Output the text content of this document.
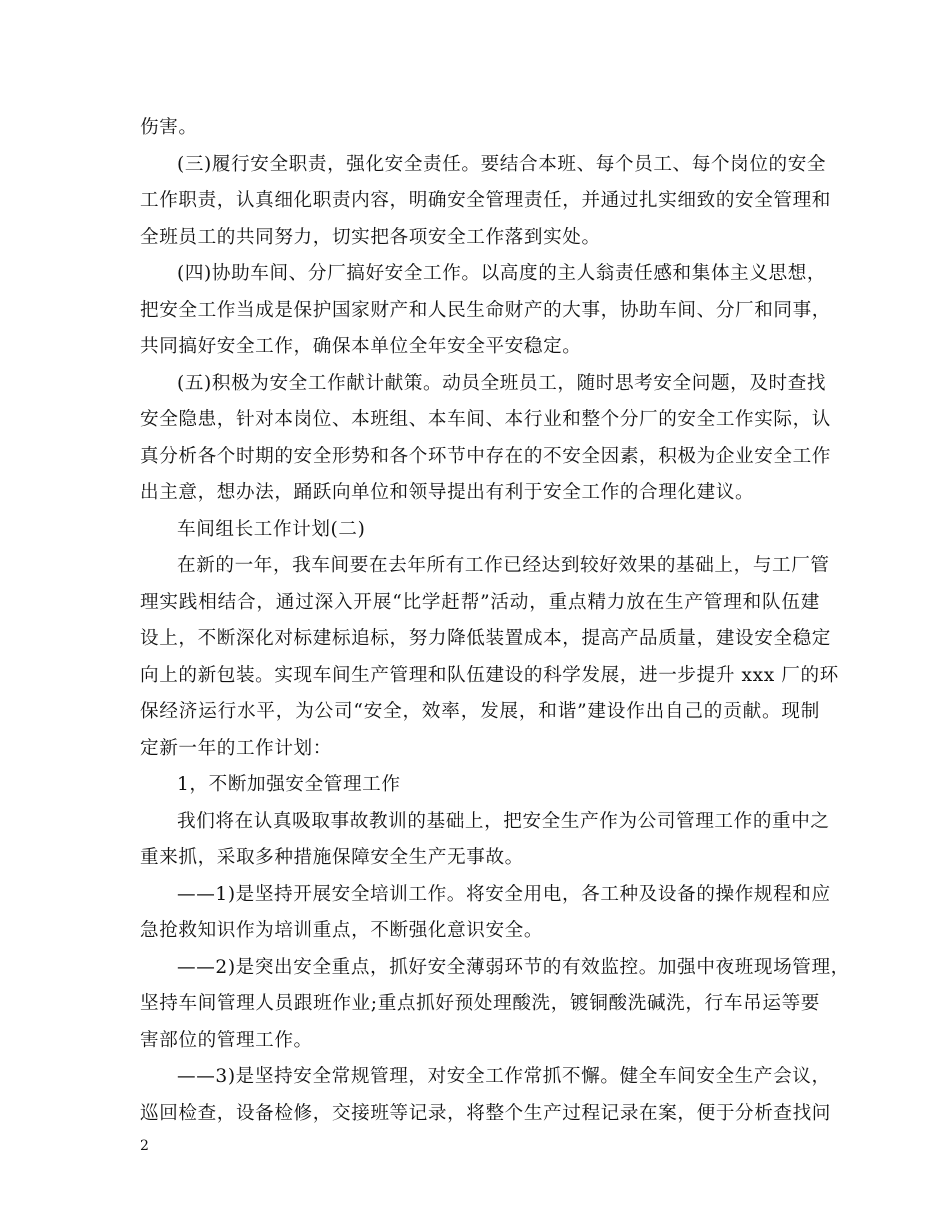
伤害。
(三)履行安全职责，强化安全责任。要结合本班、每个员工、每个岗位的安全
工作职责，认真细化职责内容，明确安全管理责任，并通过扎实细致的安全管理和
全班员工的共同努力，切实把各项安全工作落到实处。
(四)协助车间、分厂搞好安全工作。以高度的主人翁责任感和集体主义思想，
把安全工作当成是保护国家财产和人民生命财产的大事，协助车间、分厂和同事，
共同搞好安全工作，确保本单位全年安全平安稳定。
(五)积极为安全工作献计献策。动员全班员工，随时思考安全问题，及时查找
安全隐患，针对本岗位、本班组、本车间、本行业和整个分厂的安全工作实际，认
真分析各个时期的安全形势和各个环节中存在的不安全因素，积极为企业安全工作
出主意，想办法，踊跃向单位和领导提出有利于安全工作的合理化建议。
车间组长工作计划(二)
在新的一年，我车间要在去年所有工作已经达到较好效果的基础上，与工厂管
理实践相结合，通过深入开展“比学赶帮”活动，重点精力放在生产管理和队伍建
设上，不断深化对标建标追标，努力降低装置成本，提高产品质量，建设安全稳定
向上的新包装。实现车间生产管理和队伍建设的科学发展，进一步提升 xxx 厂的环
保经济运行水平，为公司“安全，效率，发展，和谐”建设作出自己的贡献。现制
定新一年的工作计划：
1，不断加强安全管理工作
我们将在认真吸取事故教训的基础上，把安全生产作为公司管理工作的重中之
重来抓，采取多种措施保障安全生产无事故。
——1)是坚持开展安全培训工作。将安全用电，各工种及设备的操作规程和应
急抢救知识作为培训重点，不断强化意识安全。
——2)是突出安全重点，抓好安全薄弱环节的有效监控。加强中夜班现场管理，
坚持车间管理人员跟班作业;重点抓好预处理酸洗，镀铜酸洗碱洗，行车吊运等要
害部位的管理工作。
——3)是坚持安全常规管理，对安全工作常抓不懈。健全车间安全生产会议，
巡回检查，设备检修，交接班等记录，将整个生产过程记录在案，便于分析查找问
2
